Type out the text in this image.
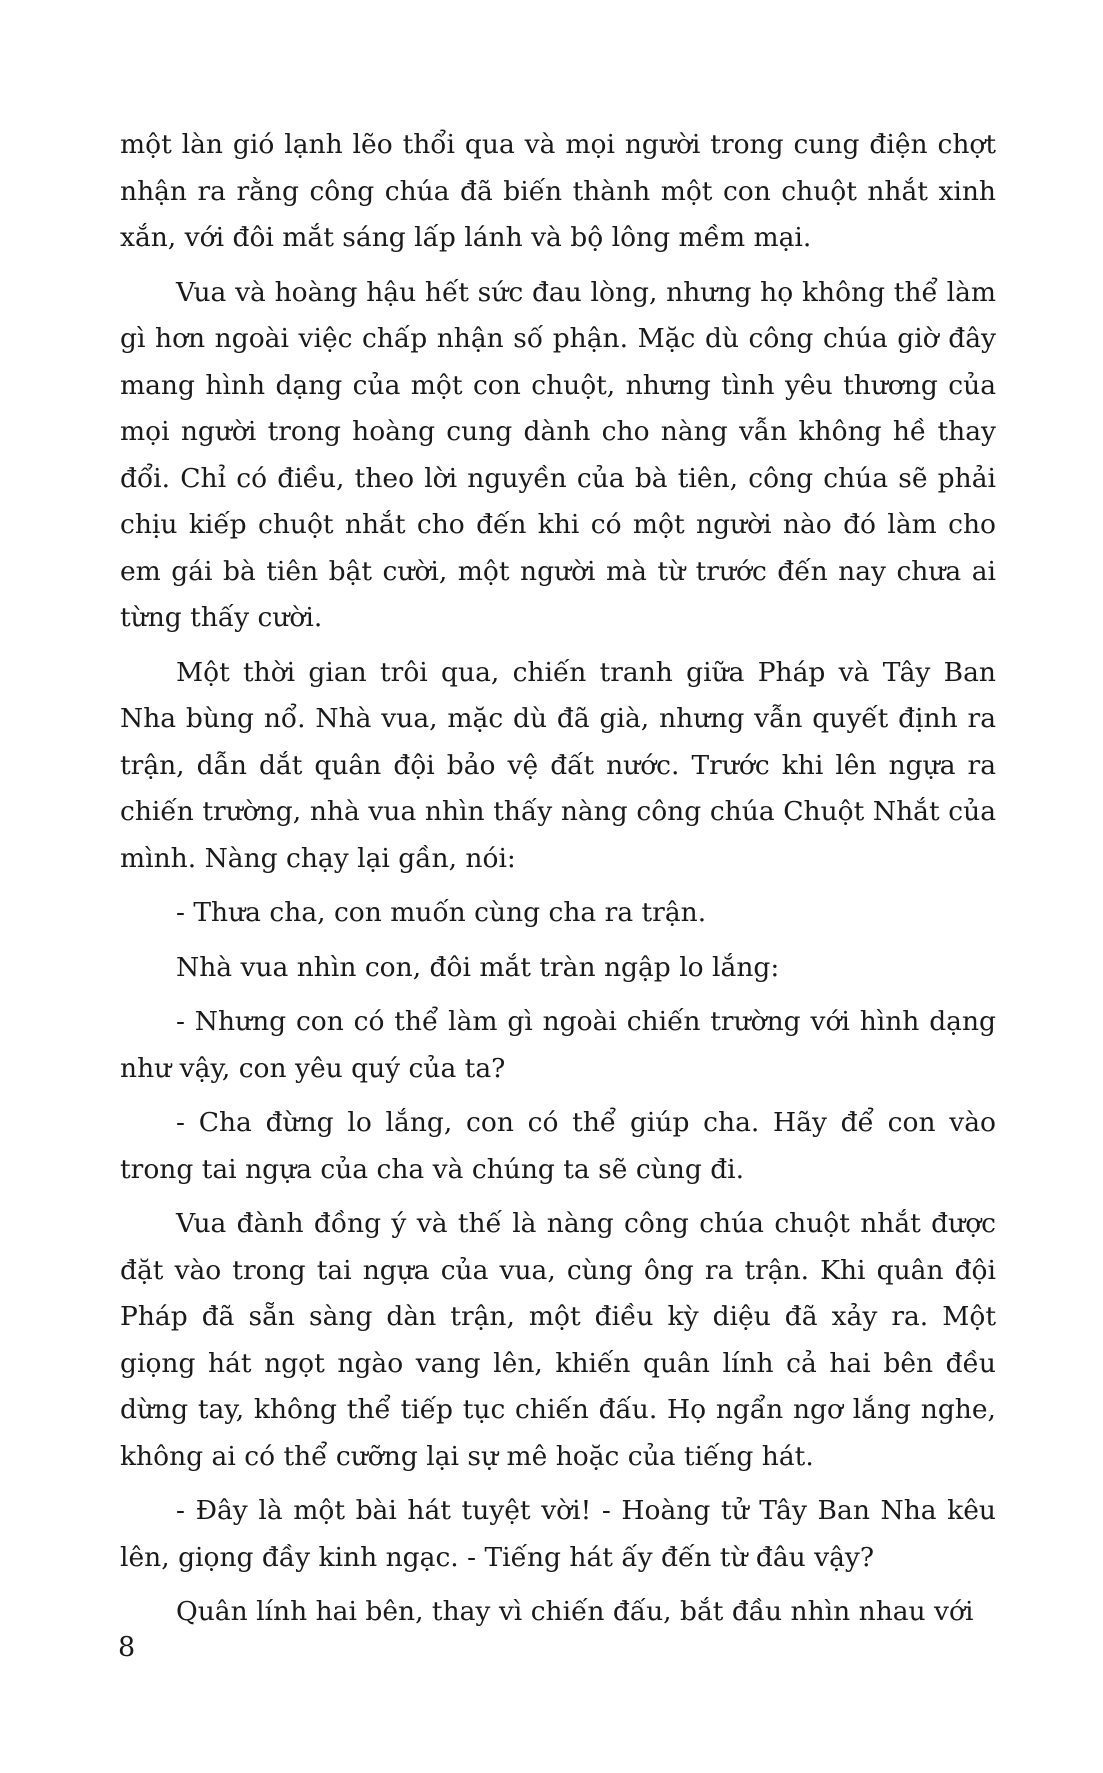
một làn gió lạnh lẽo thổi qua và mọi người trong cung điện chợt nhận ra rằng công chúa đã biến thành một con chuột nhắt xinh xắn, với đôi mắt sáng lấp lánh và bộ lông mềm mại.

Vua và hoàng hậu hết sức đau lòng, nhưng họ không thể làm gì hơn ngoài việc chấp nhận số phận. Mặc dù công chúa giờ đây mang hình dạng của một con chuột, nhưng tình yêu thương của mọi người trong hoàng cung dành cho nàng vẫn không hề thay đổi. Chỉ có điều, theo lời nguyền của bà tiên, công chúa sẽ phải chịu kiếp chuột nhắt cho đến khi có một người nào đó làm cho em gái bà tiên bật cười, một người mà từ trước đến nay chưa ai từng thấy cười.

Một thời gian trôi qua, chiến tranh giữa Pháp và Tây Ban Nha bùng nổ. Nhà vua, mặc dù đã già, nhưng vẫn quyết định ra trận, dẫn dắt quân đội bảo vệ đất nước. Trước khi lên ngựa ra chiến trường, nhà vua nhìn thấy nàng công chúa Chuột Nhắt của mình. Nàng chạy lại gần, nói:

- Thưa cha, con muốn cùng cha ra trận.

Nhà vua nhìn con, đôi mắt tràn ngập lo lắng:

- Nhưng con có thể làm gì ngoài chiến trường với hình dạng như vậy, con yêu quý của ta?

- Cha đừng lo lắng, con có thể giúp cha. Hãy để con vào trong tai ngựa của cha và chúng ta sẽ cùng đi.

Vua đành đồng ý và thế là nàng công chúa chuột nhắt được đặt vào trong tai ngựa của vua, cùng ông ra trận. Khi quân đội Pháp đã sẵn sàng dàn trận, một điều kỳ diệu đã xảy ra. Một giọng hát ngọt ngào vang lên, khiến quân lính cả hai bên đều dừng tay, không thể tiếp tục chiến đấu. Họ ngẩn ngơ lắng nghe, không ai có thể cưỡng lại sự mê hoặc của tiếng hát.

- Đây là một bài hát tuyệt vời! - Hoàng tử Tây Ban Nha kêu lên, giọng đầy kinh ngạc. - Tiếng hát ấy đến từ đâu vậy?

Quân lính hai bên, thay vì chiến đấu, bắt đầu nhìn nhau với

8
